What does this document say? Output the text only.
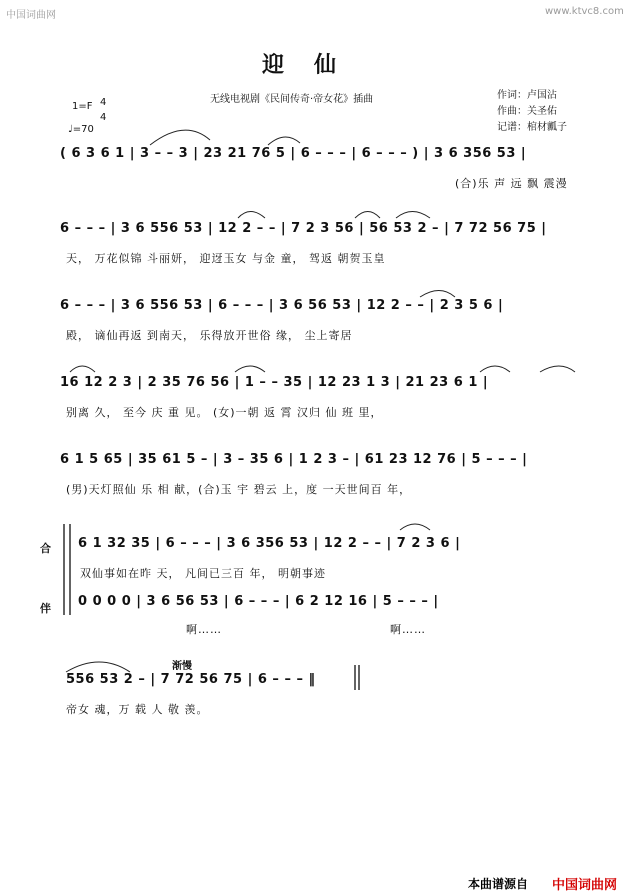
中国词曲网	www.ktvc8.com
迎仙
无线电视剧《民间传奇·帝女花》插曲	作词：卢国沾
作曲：关圣佑
记谱：棺材瓤子
1=F 4
4
♩=70
( 6 3 6 1 | 3 – – 3 | 23 21 76 5 | 6 – – – | 6 – – – ) | 3 6 356 53 |
(合)乐 声 远 飘 震漫
6 – – – | 3 6 556 53 | 12 2 – – | 7 2 3 56 | 56 53 2 – | 7 72 56 75 |
天， 万花似锦 斗丽妍， 迎迓玉女 与金 童， 驾返 朝贺玉皇
6 – – – | 3 6 556 53 | 6 – – – | 3 6 56 53 | 12 2 – – | 2 3 5 6 |
殿， 谪仙再返 到南天， 乐得放开世俗 缘， 尘上寄居
16 12 2 3 | 2 35 76 56 | 1 – – 35 | 12 23 1 3 | 21 23 6 1 |
别离 久， 至今 庆 重 见。 (女)一朝 返 霄 汉归 仙 班 里，
6 1 5 65 | 35 61 5 – | 3 – 35 6 | 1 2 3 – | 61 23 12 76 | 5 – – – |
(男)天灯照仙 乐 相 献，(合)玉 宇 碧云 上，度 一天世间百 年，
合
伴
6 1 32 35 | 6 – – – | 3 6 356 53 | 12 2 – – | 7 2 3 6 |
双仙事如在昨 天， 凡间已三百 年， 明朝事迹
0 0 0 0 | 3 6 56 53 | 6 – – – | 6 2 12 16 | 5 – – – |
啊……	啊……
渐慢
556 53 2 – | 7 72 56 75 | 6 – – – ‖
帝女 魂，万 载 人 敬 羡。
本曲谱源自 中国词曲网
